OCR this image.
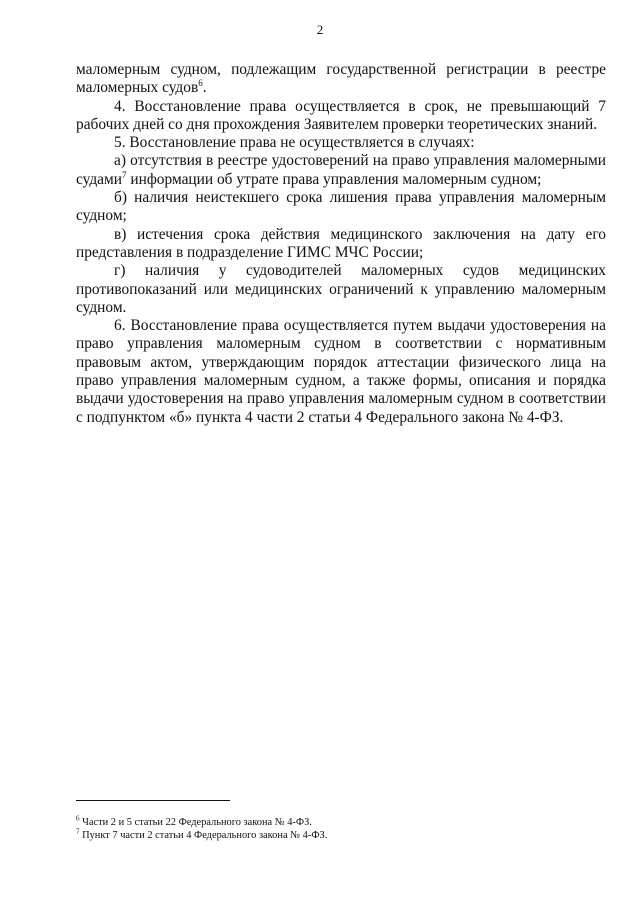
2

маломерным судном, подлежащим государственной регистрации в реестре маломерных судов$^6$.

4. Восстановление права осуществляется в срок, не превышающий 7 рабочих дней со дня прохождения Заявителем проверки теоретических знаний.

5. Восстановление права не осуществляется в случаях:

а) отсутствия в реестре удостоверений на право управления маломерными судами$^7$ информации об утрате права управления маломерным судном;

б) наличия неистекшего срока лишения права управления маломерным судном;

в) истечения срока действия медицинского заключения на дату его представления в подразделение ГИМС МЧС России;

г) наличия у судоводителей маломерных судов медицинских противопоказаний или медицинских ограничений к управлению маломерным судном.

6. Восстановление права осуществляется путем выдачи удостоверения на право управления маломерным судном в соответствии с нормативным правовым актом, утверждающим порядок аттестации физического лица на право управления маломерным судном, а также формы, описания и порядка выдачи удостоверения на право управления маломерным судном в соответствии с подпунктом «б» пункта 4 части 2 статьи 4 Федерального закона № 4-ФЗ.

$^6$ Части 2 и 5 статьи 22 Федерального закона № 4-ФЗ.

$^7$ Пункт 7 части 2 статьи 4 Федерального закона № 4-ФЗ.
